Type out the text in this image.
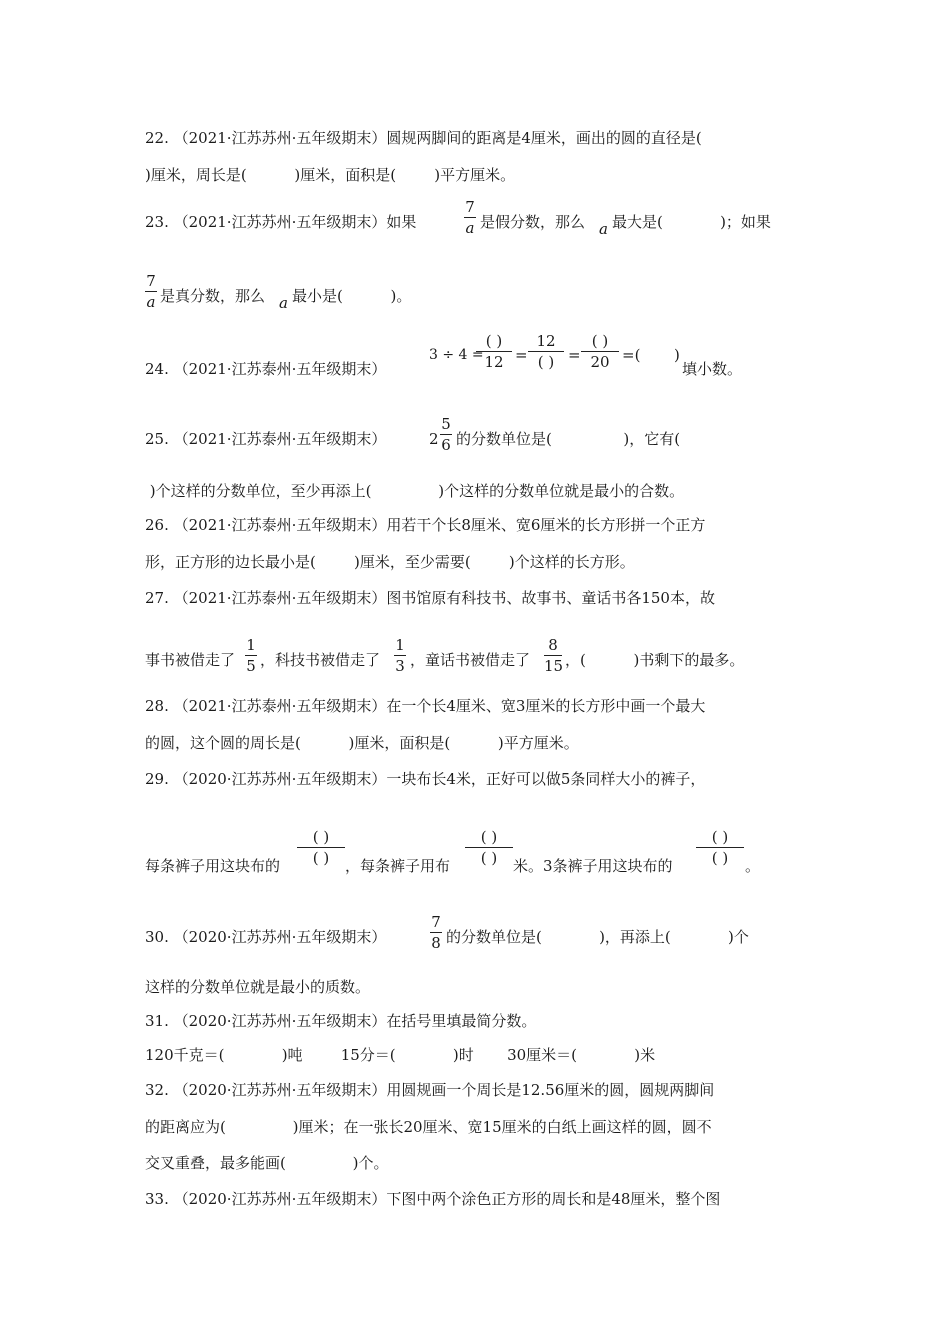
22. （2021·江苏苏州·五年级期末）圆规两脚间的距离是4厘米，画出的圆的直径是(
)厘米，周长是(          )厘米，面积是(        )平方厘米。
23. （2021·江苏苏州·五年级期末）如果
7
a 是假分数，那么 a 最大是(            )；如果
7
a 是真分数，那么 a 最小是(          )。
24. （2021·江苏泰州·五年级期末）
3 ÷ 4 =
( )
12 =
12
( ) =
( )
20 =( )
填小数。
25. （2021·江苏泰州·五年级期末）	2
5
6 的分数单位是(               )，它有(
)个这样的分数单位，至少再添上(              )个这样的分数单位就是最小的合数。
26. （2021·江苏泰州·五年级期末）用若干个长8厘米、宽6厘米的长方形拼一个正方
形，正方形的边长最小是(        )厘米，至少需要(        )个这样的长方形。
27. （2021·江苏泰州·五年级期末）图书馆原有科技书、故事书、童话书各150本，故
事书被借走了
1
5 ，科技书被借走了
1
3 ，童话书被借走了
8
15 ，(          )书剩下的最多。
28. （2021·江苏泰州·五年级期末）在一个长4厘米、宽3厘米的长方形中画一个最大
的圆，这个圆的周长是(          )厘米，面积是(          )平方厘米。
29. （2020·江苏苏州·五年级期末）一块布长4米，正好可以做5条同样大小的裤子，
每条裤子用这块布的
( )
( )	，每条裤子用布
( )
( )	米。3条裤子用这块布的
( )
( )	。
30. （2020·江苏苏州·五年级期末）
7
8 的分数单位是(            )，再添上(            )个
这样的分数单位就是最小的质数。
31. （2020·江苏苏州·五年级期末）在括号里填最简分数。
120千克＝(            )吨        15分＝(            )时       30厘米＝(            )米
32. （2020·江苏苏州·五年级期末）用圆规画一个周长是12.56厘米的圆，圆规两脚间
的距离应为(              )厘米；在一张长20厘米、宽15厘米的白纸上画这样的圆，圆不
交叉重叠，最多能画(              )个。
33. （2020·江苏苏州·五年级期末）下图中两个涂色正方形的周长和是48厘米，整个图
